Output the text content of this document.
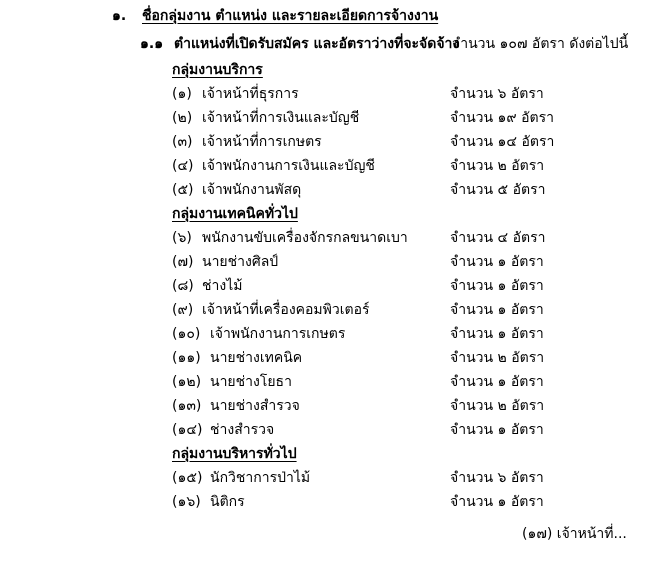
๑. ชื่อกลุ่มงาน ตำแหน่ง และรายละเอียดการจ้างงาน
๑.๑ ตำแหน่งที่เปิดรับสมัคร และอัตราว่างที่จะจัดจ้าง
จำนวน ๑๐๗ อัตรา ดังต่อไปนี้
กลุ่มงานบริการ
(๑) เจ้าหน้าที่ธุรการ	จำนวน ๖ อัตรา
(๒) เจ้าหน้าที่การเงินและบัญชี	จำนวน ๑๙ อัตรา
(๓) เจ้าหน้าที่การเกษตร	จำนวน ๑๔ อัตรา
(๔) เจ้าพนักงานการเงินและบัญชี	จำนวน ๒ อัตรา
(๕) เจ้าพนักงานพัสดุ	จำนวน ๕ อัตรา
กลุ่มงานเทคนิคทั่วไป
(๖) พนักงานขับเครื่องจักรกลขนาดเบา	จำนวน ๔ อัตรา
(๗) นายช่างศิลป์	จำนวน ๑ อัตรา
(๘) ช่างไม้	จำนวน ๑ อัตรา
(๙) เจ้าหน้าที่เครื่องคอมพิวเตอร์	จำนวน ๑ อัตรา
(๑๐) เจ้าพนักงานการเกษตร	จำนวน ๑ อัตรา
(๑๑) นายช่างเทคนิค	จำนวน ๒ อัตรา
(๑๒) นายช่างโยธา	จำนวน ๑ อัตรา
(๑๓) นายช่างสำรวจ	จำนวน ๒ อัตรา
(๑๔) ช่างสำรวจ	จำนวน ๑ อัตรา
กลุ่มงานบริหารทั่วไป
(๑๕) นักวิชาการป่าไม้	จำนวน ๖ อัตรา
(๑๖) นิติกร	จำนวน ๑ อัตรา
(๑๗) เจ้าหน้าที่...
